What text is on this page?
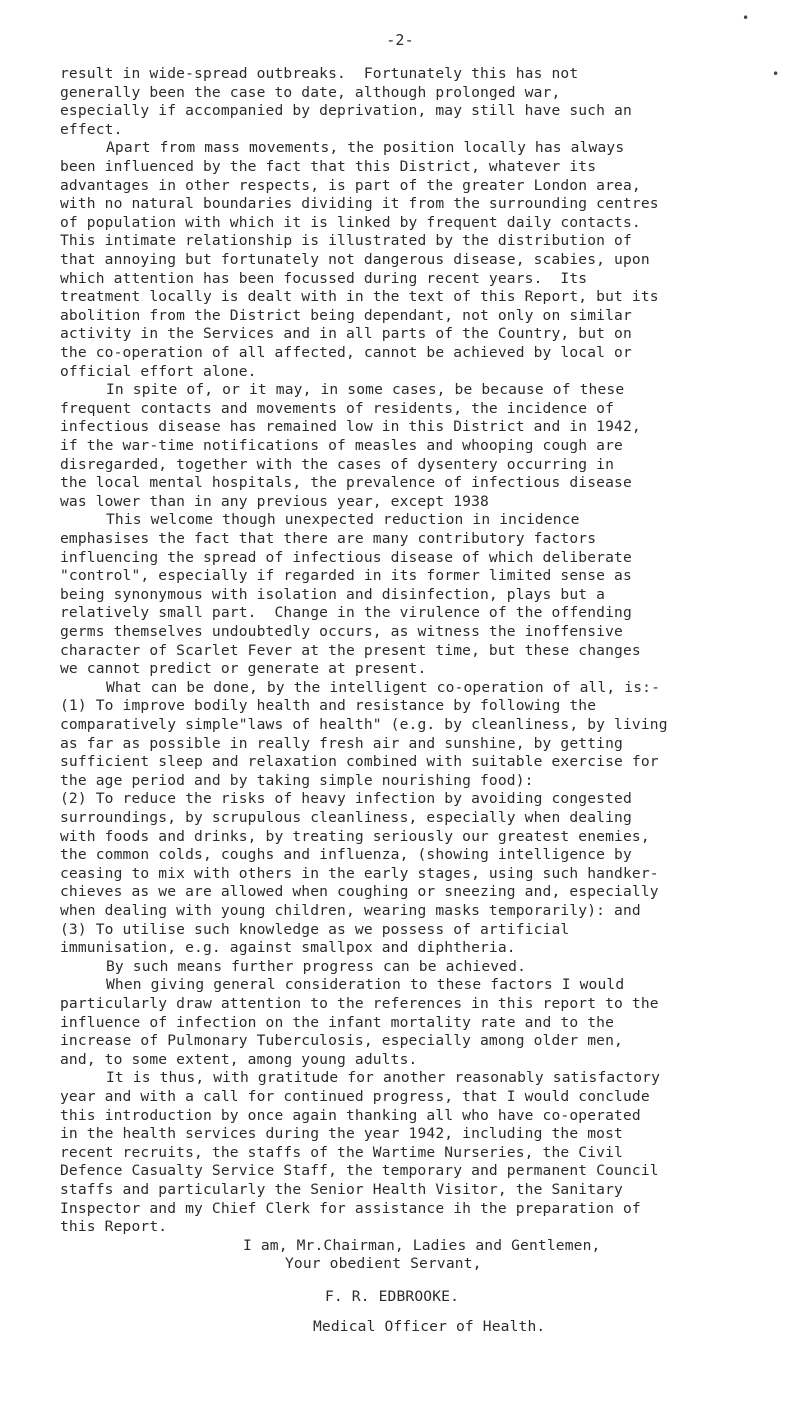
-2-
•
•
result in wide-spread outbreaks.  Fortunately this has not
generally been the case to date, although prolonged war,
especially if accompanied by deprivation, may still have such an
effect.
Apart from mass movements, the position locally has always
been influenced by the fact that this District, whatever its
advantages in other respects, is part of the greater London area,
with no natural boundaries dividing it from the surrounding centres
of population with which it is linked by frequent daily contacts.
This intimate relationship is illustrated by the distribution of
that annoying but fortunately not dangerous disease, scabies, upon
which attention has been focussed during recent years.  Its
treatment locally is dealt with in the text of this Report, but its
abolition from the District being dependant, not only on similar
activity in the Services and in all parts of the Country, but on
the co-operation of all affected, cannot be achieved by local or
official effort alone.
In spite of, or it may, in some cases, be because of these
frequent contacts and movements of residents, the incidence of
infectious disease has remained low in this District and in 1942,
if the war-time notifications of measles and whooping cough are
disregarded, together with the cases of dysentery occurring in
the local mental hospitals, the prevalence of infectious disease
was lower than in any previous year, except 1938
This welcome though unexpected reduction in incidence
emphasises the fact that there are many contributory factors
influencing the spread of infectious disease of which deliberate
"control", especially if regarded in its former limited sense as
being synonymous with isolation and disinfection, plays but a
relatively small part.  Change in the virulence of the offending
germs themselves undoubtedly occurs, as witness the inoffensive
character of Scarlet Fever at the present time, but these changes
we cannot predict or generate at present.
What can be done, by the intelligent co-operation of all, is:-
(1) To improve bodily health and resistance by following the
comparatively simple"laws of health" (e.g. by cleanliness, by living
as far as possible in really fresh air and sunshine, by getting
sufficient sleep and relaxation combined with suitable exercise for
the age period and by taking simple nourishing food):
(2) To reduce the risks of heavy infection by avoiding congested
surroundings, by scrupulous cleanliness, especially when dealing
with foods and drinks, by treating seriously our greatest enemies,
the common colds, coughs and influenza, (showing intelligence by
ceasing to mix with others in the early stages, using such handker-
chieves as we are allowed when coughing or sneezing and, especially
when dealing with young children, wearing masks temporarily): and
(3) To utilise such knowledge as we possess of artificial
immunisation, e.g. against smallpox and diphtheria.
By such means further progress can be achieved.
When giving general consideration to these factors I would
particularly draw attention to the references in this report to the
influence of infection on the infant mortality rate and to the
increase of Pulmonary Tuberculosis, especially among older men,
and, to some extent, among young adults.
It is thus, with gratitude for another reasonably satisfactory
year and with a call for continued progress, that I would conclude
this introduction by once again thanking all who have co-operated
in the health services during the year 1942, including the most
recent recruits, the staffs of the Wartime Nurseries, the Civil
Defence Casualty Service Staff, the temporary and permanent Council
staffs and particularly the Senior Health Visitor, the Sanitary
Inspector and my Chief Clerk for assistance ih the preparation of
this Report.
I am, Mr.Chairman, Ladies and Gentlemen,
Your obedient Servant,
F. R. EDBROOKE.
Medical Officer of Health.
